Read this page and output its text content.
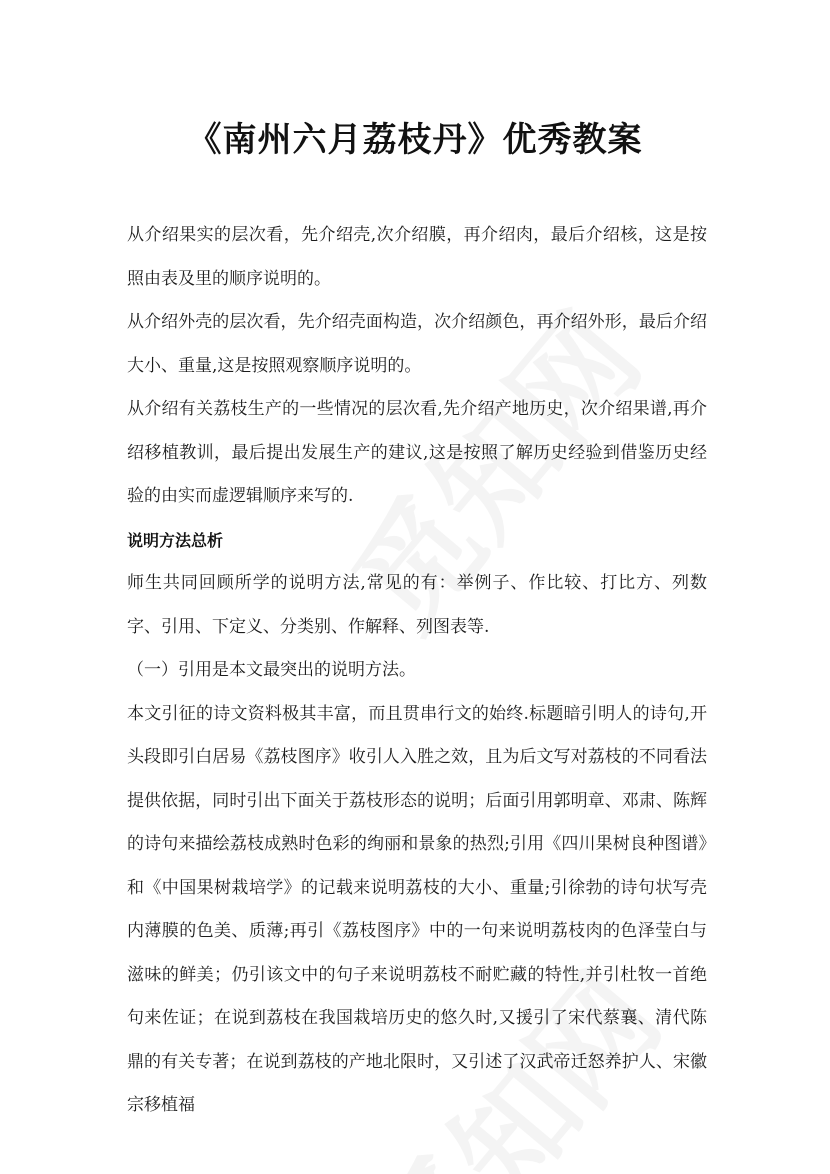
《南州六月荔枝丹》优秀教案

从介绍果实的层次看，先介绍壳,次介绍膜，再介绍肉，最后介绍核，这是按照由表及里的顺序说明的。

从介绍外壳的层次看，先介绍壳面构造，次介绍颜色，再介绍外形，最后介绍大小、重量,这是按照观察顺序说明的。

从介绍有关荔枝生产的一些情况的层次看,先介绍产地历史，次介绍果谱,再介绍移植教训，最后提出发展生产的建议,这是按照了解历史经验到借鉴历史经验的由实而虚逻辑顺序来写的.

说明方法总析

师生共同回顾所学的说明方法,常见的有：举例子、作比较、打比方、列数字、引用、下定义、分类别、作解释、列图表等.

（一）引用是本文最突出的说明方法。

本文引征的诗文资料极其丰富，而且贯串行文的始终.标题暗引明人的诗句,开头段即引白居易《荔枝图序》收引人入胜之效，且为后文写对荔枝的不同看法提供依据，同时引出下面关于荔枝形态的说明；后面引用郭明章、邓肃、陈辉的诗句来描绘荔枝成熟时色彩的绚丽和景象的热烈;引用《四川果树良种图谱》和《中国果树栽培学》的记载来说明荔枝的大小、重量;引徐勃的诗句状写壳内薄膜的色美、质薄;再引《荔枝图序》中的一句来说明荔枝肉的色泽莹白与滋味的鲜美；仍引该文中的句子来说明荔枝不耐贮藏的特性,并引杜牧一首绝句来佐证；在说到荔枝在我国栽培历史的悠久时,又援引了宋代蔡襄、清代陈鼎的有关专著；在说到荔枝的产地北限时，又引述了汉武帝迁怒养护人、宋徽宗移植福
